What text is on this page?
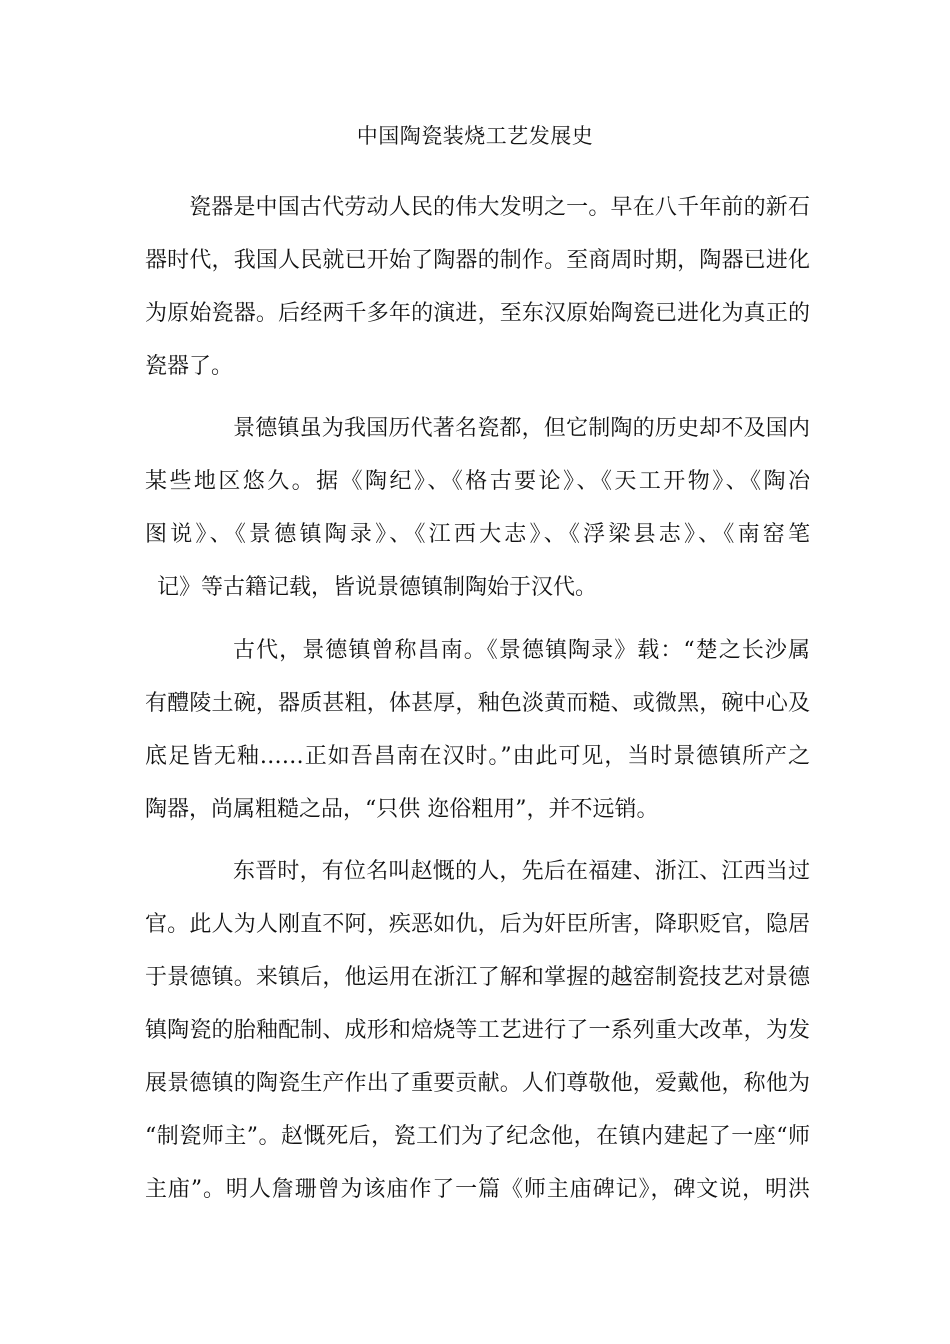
中国陶瓷装烧工艺发展史
瓷器是中国古代劳动人民的伟大发明之一。早在八千年前的新石
器时代，我国人民就已开始了陶器的制作。至商周时期，陶器已进化
为原始瓷器。后经两千多年的演进，至东汉原始陶瓷已进化为真正的
瓷器了。
景德镇虽为我国历代著名瓷都，但它制陶的历史却不及国内
某些地区悠久。据《陶纪》、《格古要论》、《天工开物》、《陶冶
图说》、《景德镇陶录》、《江西大志》、《浮梁县志》、《南窑笔
记》等古籍记载，皆说景德镇制陶始于汉代。
古代，景德镇曾称昌南。《景德镇陶录》载：“楚之长沙属
有醴陵土碗，器质甚粗，体甚厚，釉色淡黄而糙、或微黑，碗中心及
底足皆无釉……正如吾昌南在汉时。”由此可见，当时景德镇所产之
陶器，尚属粗糙之品，“只供 迩俗粗用”，并不远销。
东晋时，有位名叫赵慨的人，先后在福建、浙江、江西当过
官。此人为人刚直不阿，疾恶如仇，后为奸臣所害，降职贬官，隐居
于景德镇。来镇后，他运用在浙江了解和掌握的越窑制瓷技艺对景德
镇陶瓷的胎釉配制、成形和焙烧等工艺进行了一系列重大改革，为发
展景德镇的陶瓷生产作出了重要贡献。人们尊敬他，爱戴他，称他为
“制瓷师主”。赵慨死后，瓷工们为了纪念他，在镇内建起了一座“师
主庙”。明人詹珊曾为该庙作了一篇《师主庙碑记》，碑文说，明洪
